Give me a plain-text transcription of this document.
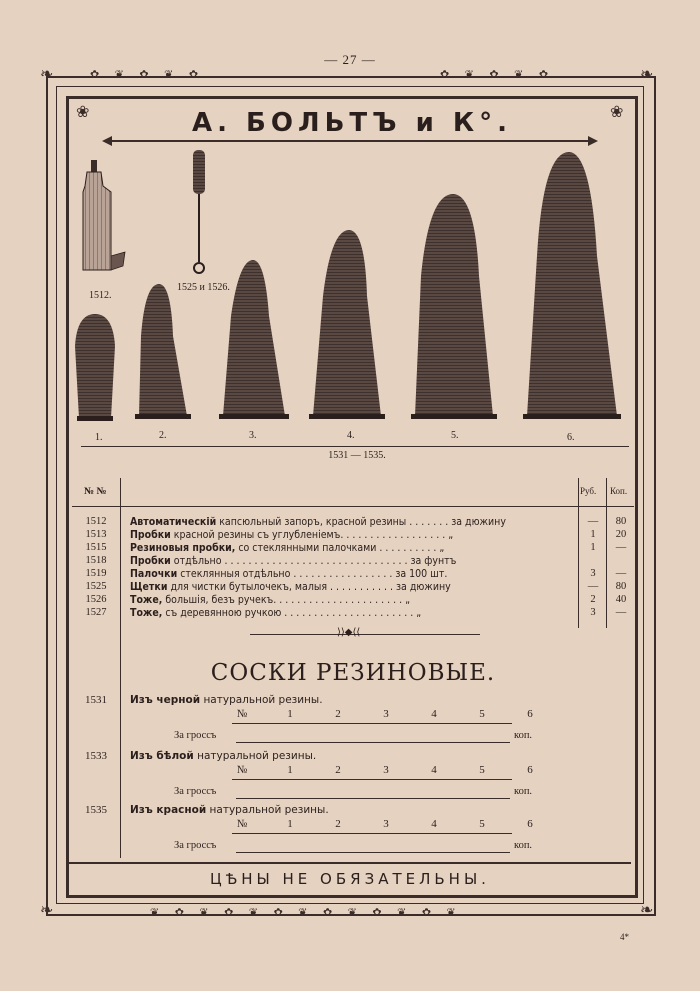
— 27 —
✿ ❦ ✿ ❦ ✿	✿ ❦ ✿ ❦ ✿
❦ ✿ ❦ ✿ ❦ ✿ ❦ ✿ ❦ ✿ ❦ ✿ ❦
❧	❧
❧	❧
❀	❀
А. БОЛЬТЪ и К°.
1512.
1525 и 1526.
1.	2.	3.	4.	5.	6.
1531 — 1535.
№ №	Руб. Коп.
1512	Автоматическій капсюльный запоръ, красной резины . . . . . . . за дюжину	—	80
1513	Пробки красной резины съ углубленіемъ. . . . . . . . . . . . . . . . . . „	1	20
1515	Резиновыя пробки, со стеклянными палочками . . . . . . . . . . „	1	—
1518	Пробки отдѣльно . . . . . . . . . . . . . . . . . . . . . . . . . . . . . . . за фунтъ
1519	Палочки стеклянныя отдѣльно . . . . . . . . . . . . . . . . . за 100 шт.	3	—
1525	Щетки для чистки бутылочекъ, малыя . . . . . . . . . . . за дюжину	—	80
1526	Тоже, большія, безъ ручекъ. . . . . . . . . . . . . . . . . . . . . . „	2	40
1527	Тоже, съ деревянною ручкою . . . . . . . . . . . . . . . . . . . . . . „	3	—
⟩⟩◆⟨⟨
СОСКИ РЕЗИНОВЫЕ.
1531	Изъ черной натуральной резины.
№	1	2	3	4	5	6
За гроссъ	коп.
1533	Изъ бѣлой натуральной резины.
№	1	2	3	4	5	6
За гроссъ	коп.
1535	Изъ красной натуральной резины.
№	1	2	3	4	5	6
За гроссъ	коп.
ЦѢНЫ НЕ ОБЯЗАТЕЛЬНЫ.
4*
